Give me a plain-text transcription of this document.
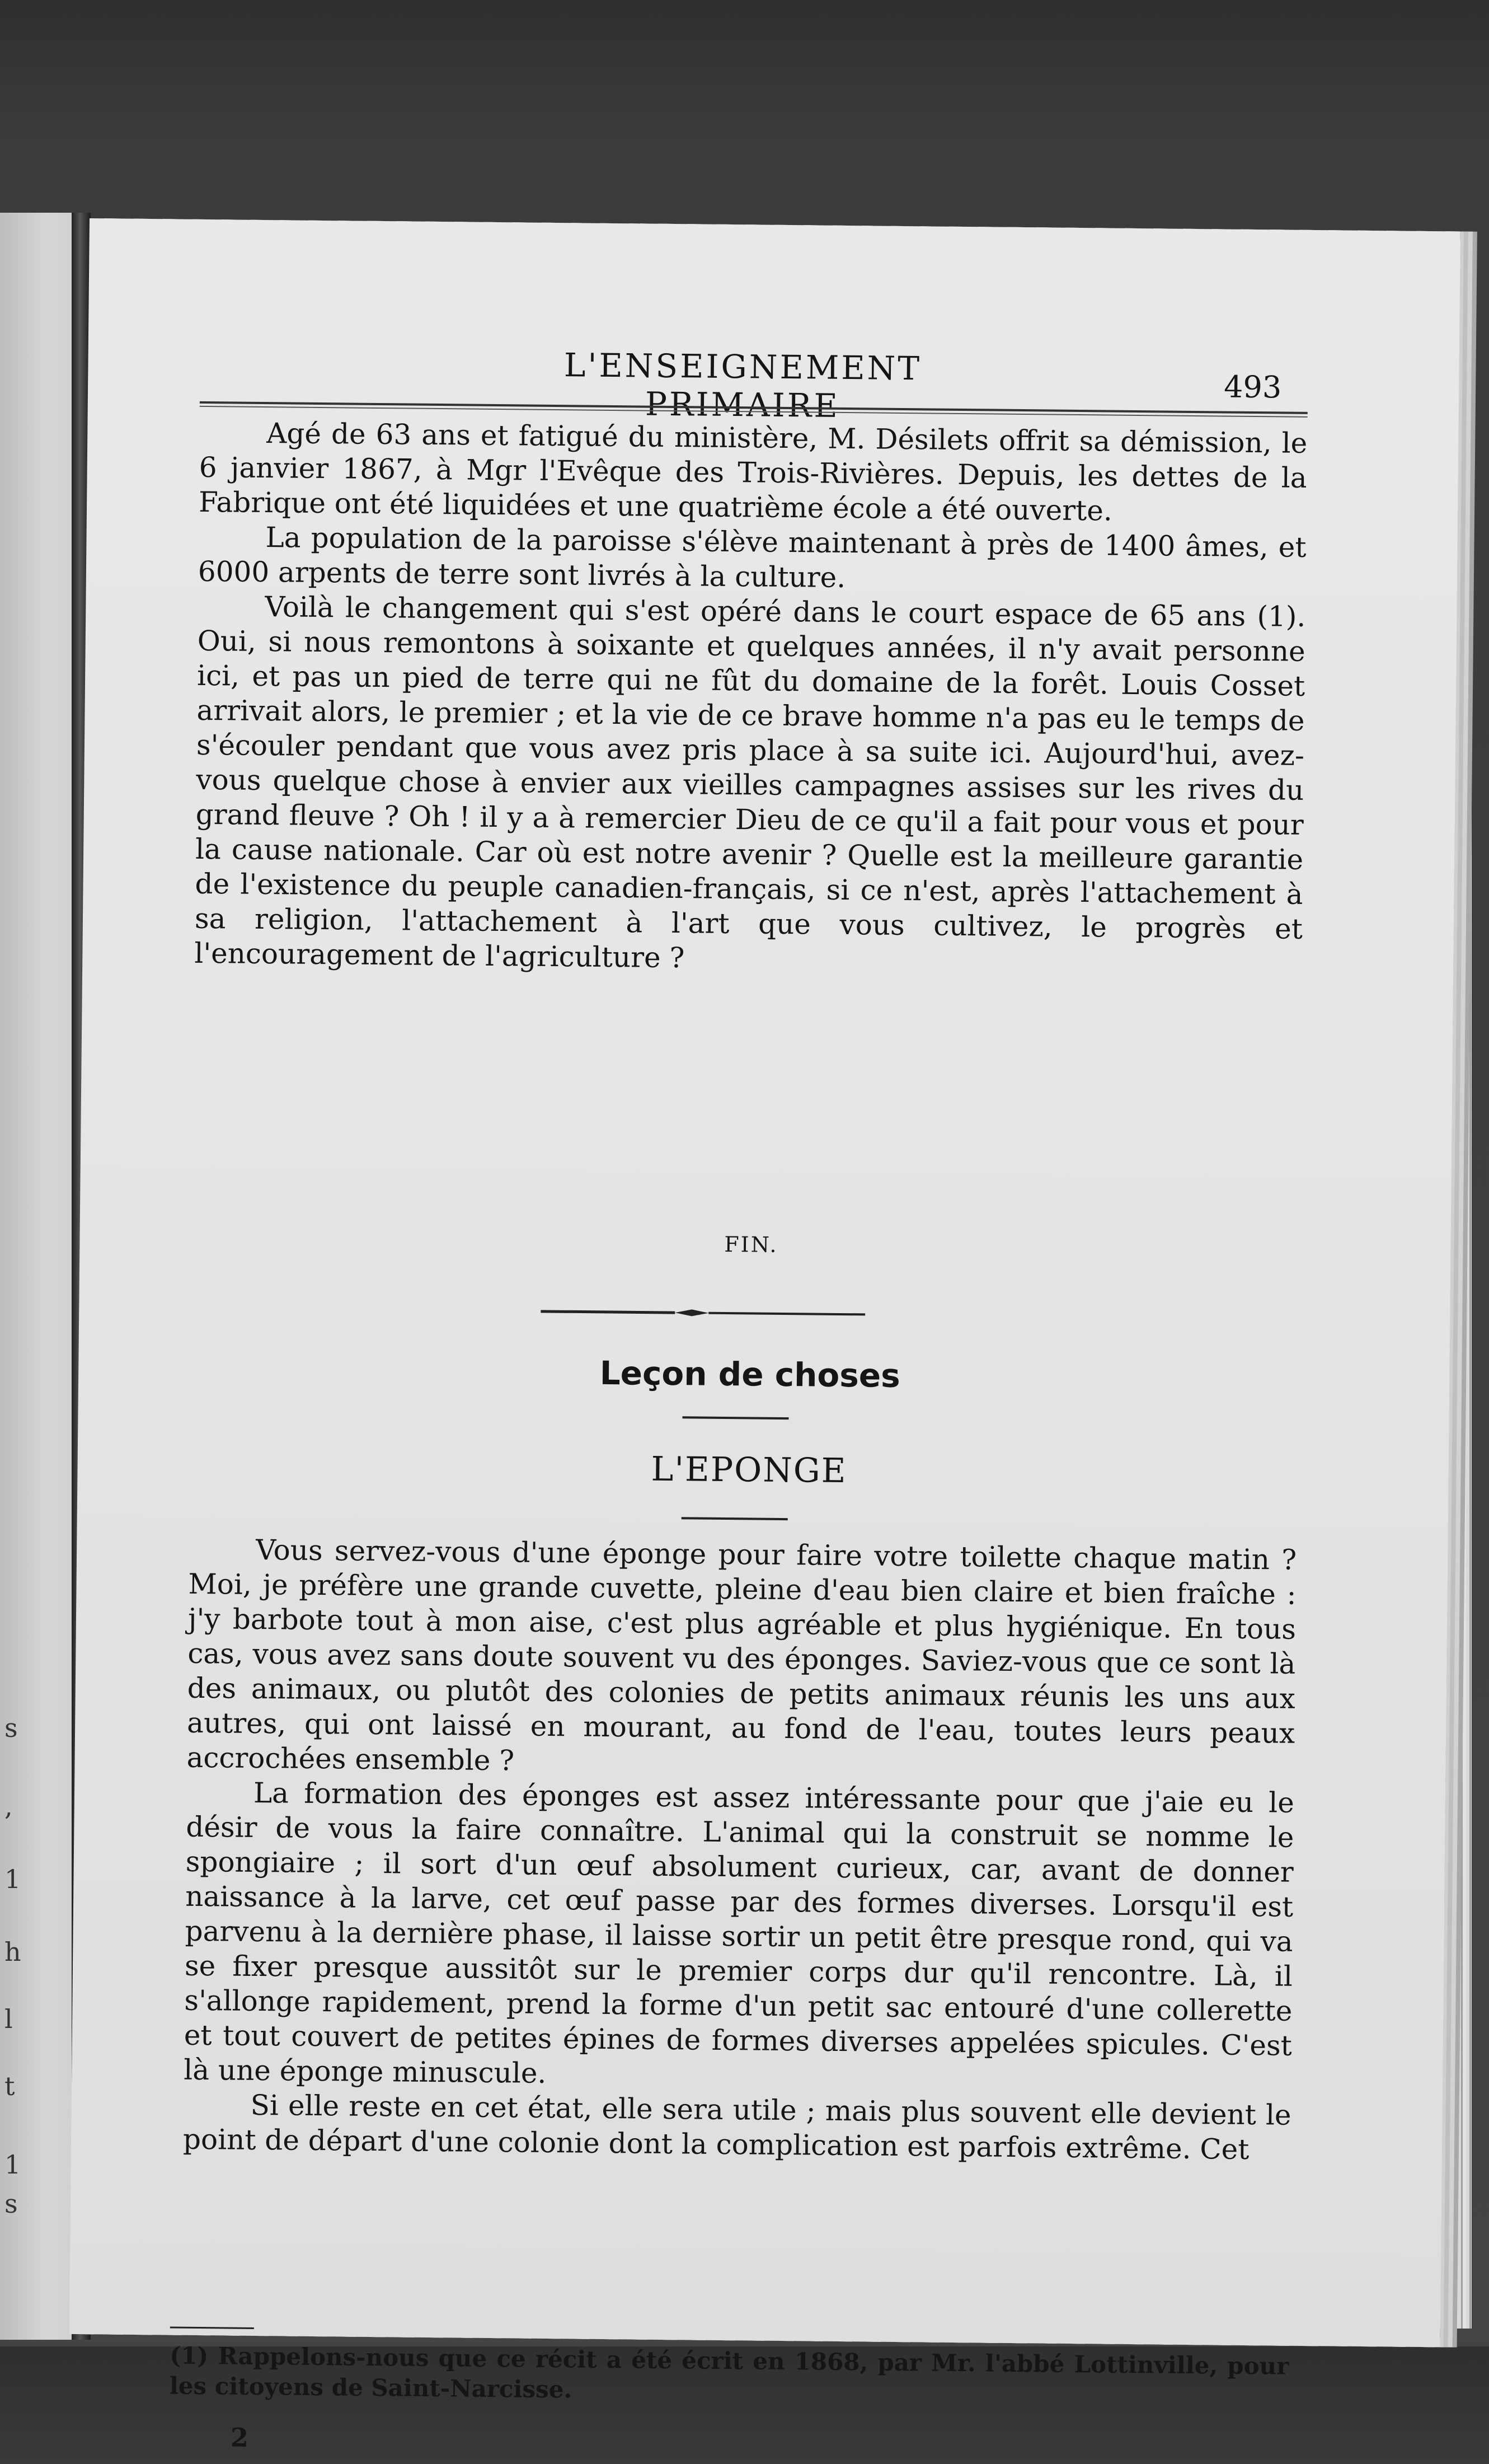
s
,
1
h
l
t
1
s
L'ENSEIGNEMENT PRIMAIRE	493

Agé de 63 ans et fatigué du ministère, M. Désilets offrit sa démission, le 6 janvier 1867, à Mgr l'Evêque des Trois-Rivières. Depuis, les dettes de la Fabrique ont été liquidées et une quatrième école a été ouverte.

La population de la paroisse s'élève maintenant à près de 1400 âmes, et 6000 arpents de terre sont livrés à la culture.

Voilà le changement qui s'est opéré dans le court espace de 65 ans (1). Oui, si nous remontons à soixante et quelques années, il n'y avait personne ici, et pas un pied de terre qui ne fût du domaine de la forêt. Louis Cosset arrivait alors, le premier ; et la vie de ce brave homme n'a pas eu le temps de s'écouler pendant que vous avez pris place à sa suite ici. Aujourd'hui, avez-vous quelque chose à envier aux vieilles campagnes assises sur les rives du grand fleuve ? Oh ! il y a à remercier Dieu de ce qu'il a fait pour vous et pour la cause nationale. Car où est notre avenir ? Quelle est la meilleure garantie de l'existence du peuple canadien-français, si ce n'est, après l'attachement à sa religion, l'attachement à l'art que vous cultivez, le progrès et l'encouragement de l'agriculture ?

FIN.
Leçon de choses
L'EPONGE

Vous servez-vous d'une éponge pour faire votre toilette chaque matin ? Moi, je préfère une grande cuvette, pleine d'eau bien claire et bien fraîche : j'y barbote tout à mon aise, c'est plus agréable et plus hygiénique. En tous cas, vous avez sans doute souvent vu des éponges. Saviez-vous que ce sont là des animaux, ou plutôt des colonies de petits animaux réunis les uns aux autres, qui ont laissé en mourant, au fond de l'eau, toutes leurs peaux accrochées ensemble ?

La formation des éponges est assez intéressante pour que j'aie eu le désir de vous la faire connaître. L'animal qui la construit se nomme le spongiaire ; il sort d'un œuf absolument curieux, car, avant de donner naissance à la larve, cet œuf passe par des formes diverses. Lorsqu'il est parvenu à la dernière phase, il laisse sortir un petit être presque rond, qui va se fixer presque aussitôt sur le premier corps dur qu'il rencontre. Là, il s'allonge rapidement, prend la forme d'un petit sac entouré d'une collerette et tout couvert de petites épines de formes diverses appelées spicules. C'est là une éponge minuscule.

Si elle reste en cet état, elle sera utile ; mais plus souvent elle devient le point de départ d'une colonie dont la complication est parfois extrême. Cet

(1) Rappelons-nous que ce récit a été écrit en 1868, par Mr. l'abbé Lottinville, pour les citoyens de Saint-Narcisse.
2
